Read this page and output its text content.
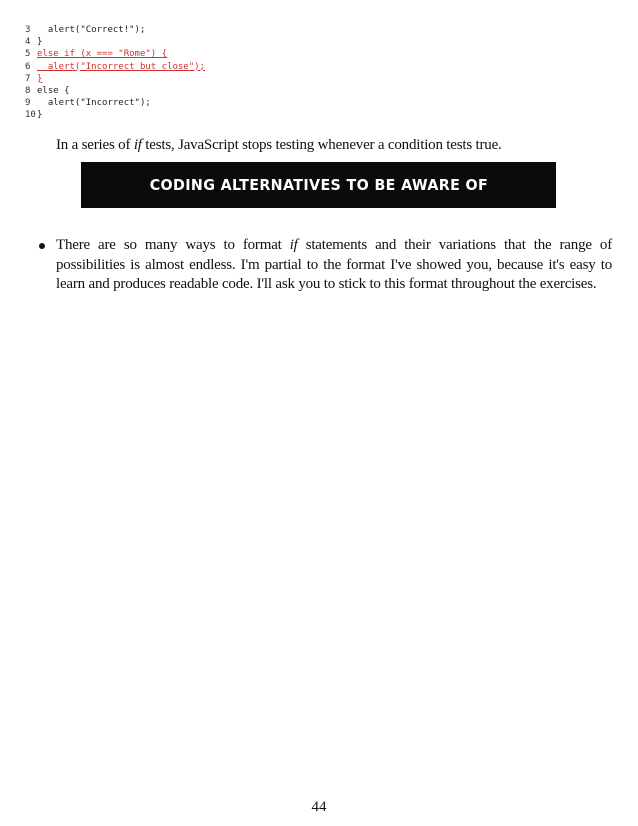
3 alert("Correct!");
4 }
5 else if (x === "Rome") {
6 alert("Incorrect but close");
7 }
8 else {
9 alert("Incorrect");
10 }

In a series of if tests, JavaScript stops testing whenever a condition tests true.

CODING ALTERNATIVES TO BE AWARE OF
There are so many ways to format if statements and their variations that the range of possibilities is almost endless. I'm partial to the format I've showed you, because it's easy to learn and produces readable code. I'll ask you to stick to this format throughout the exercises.
44
